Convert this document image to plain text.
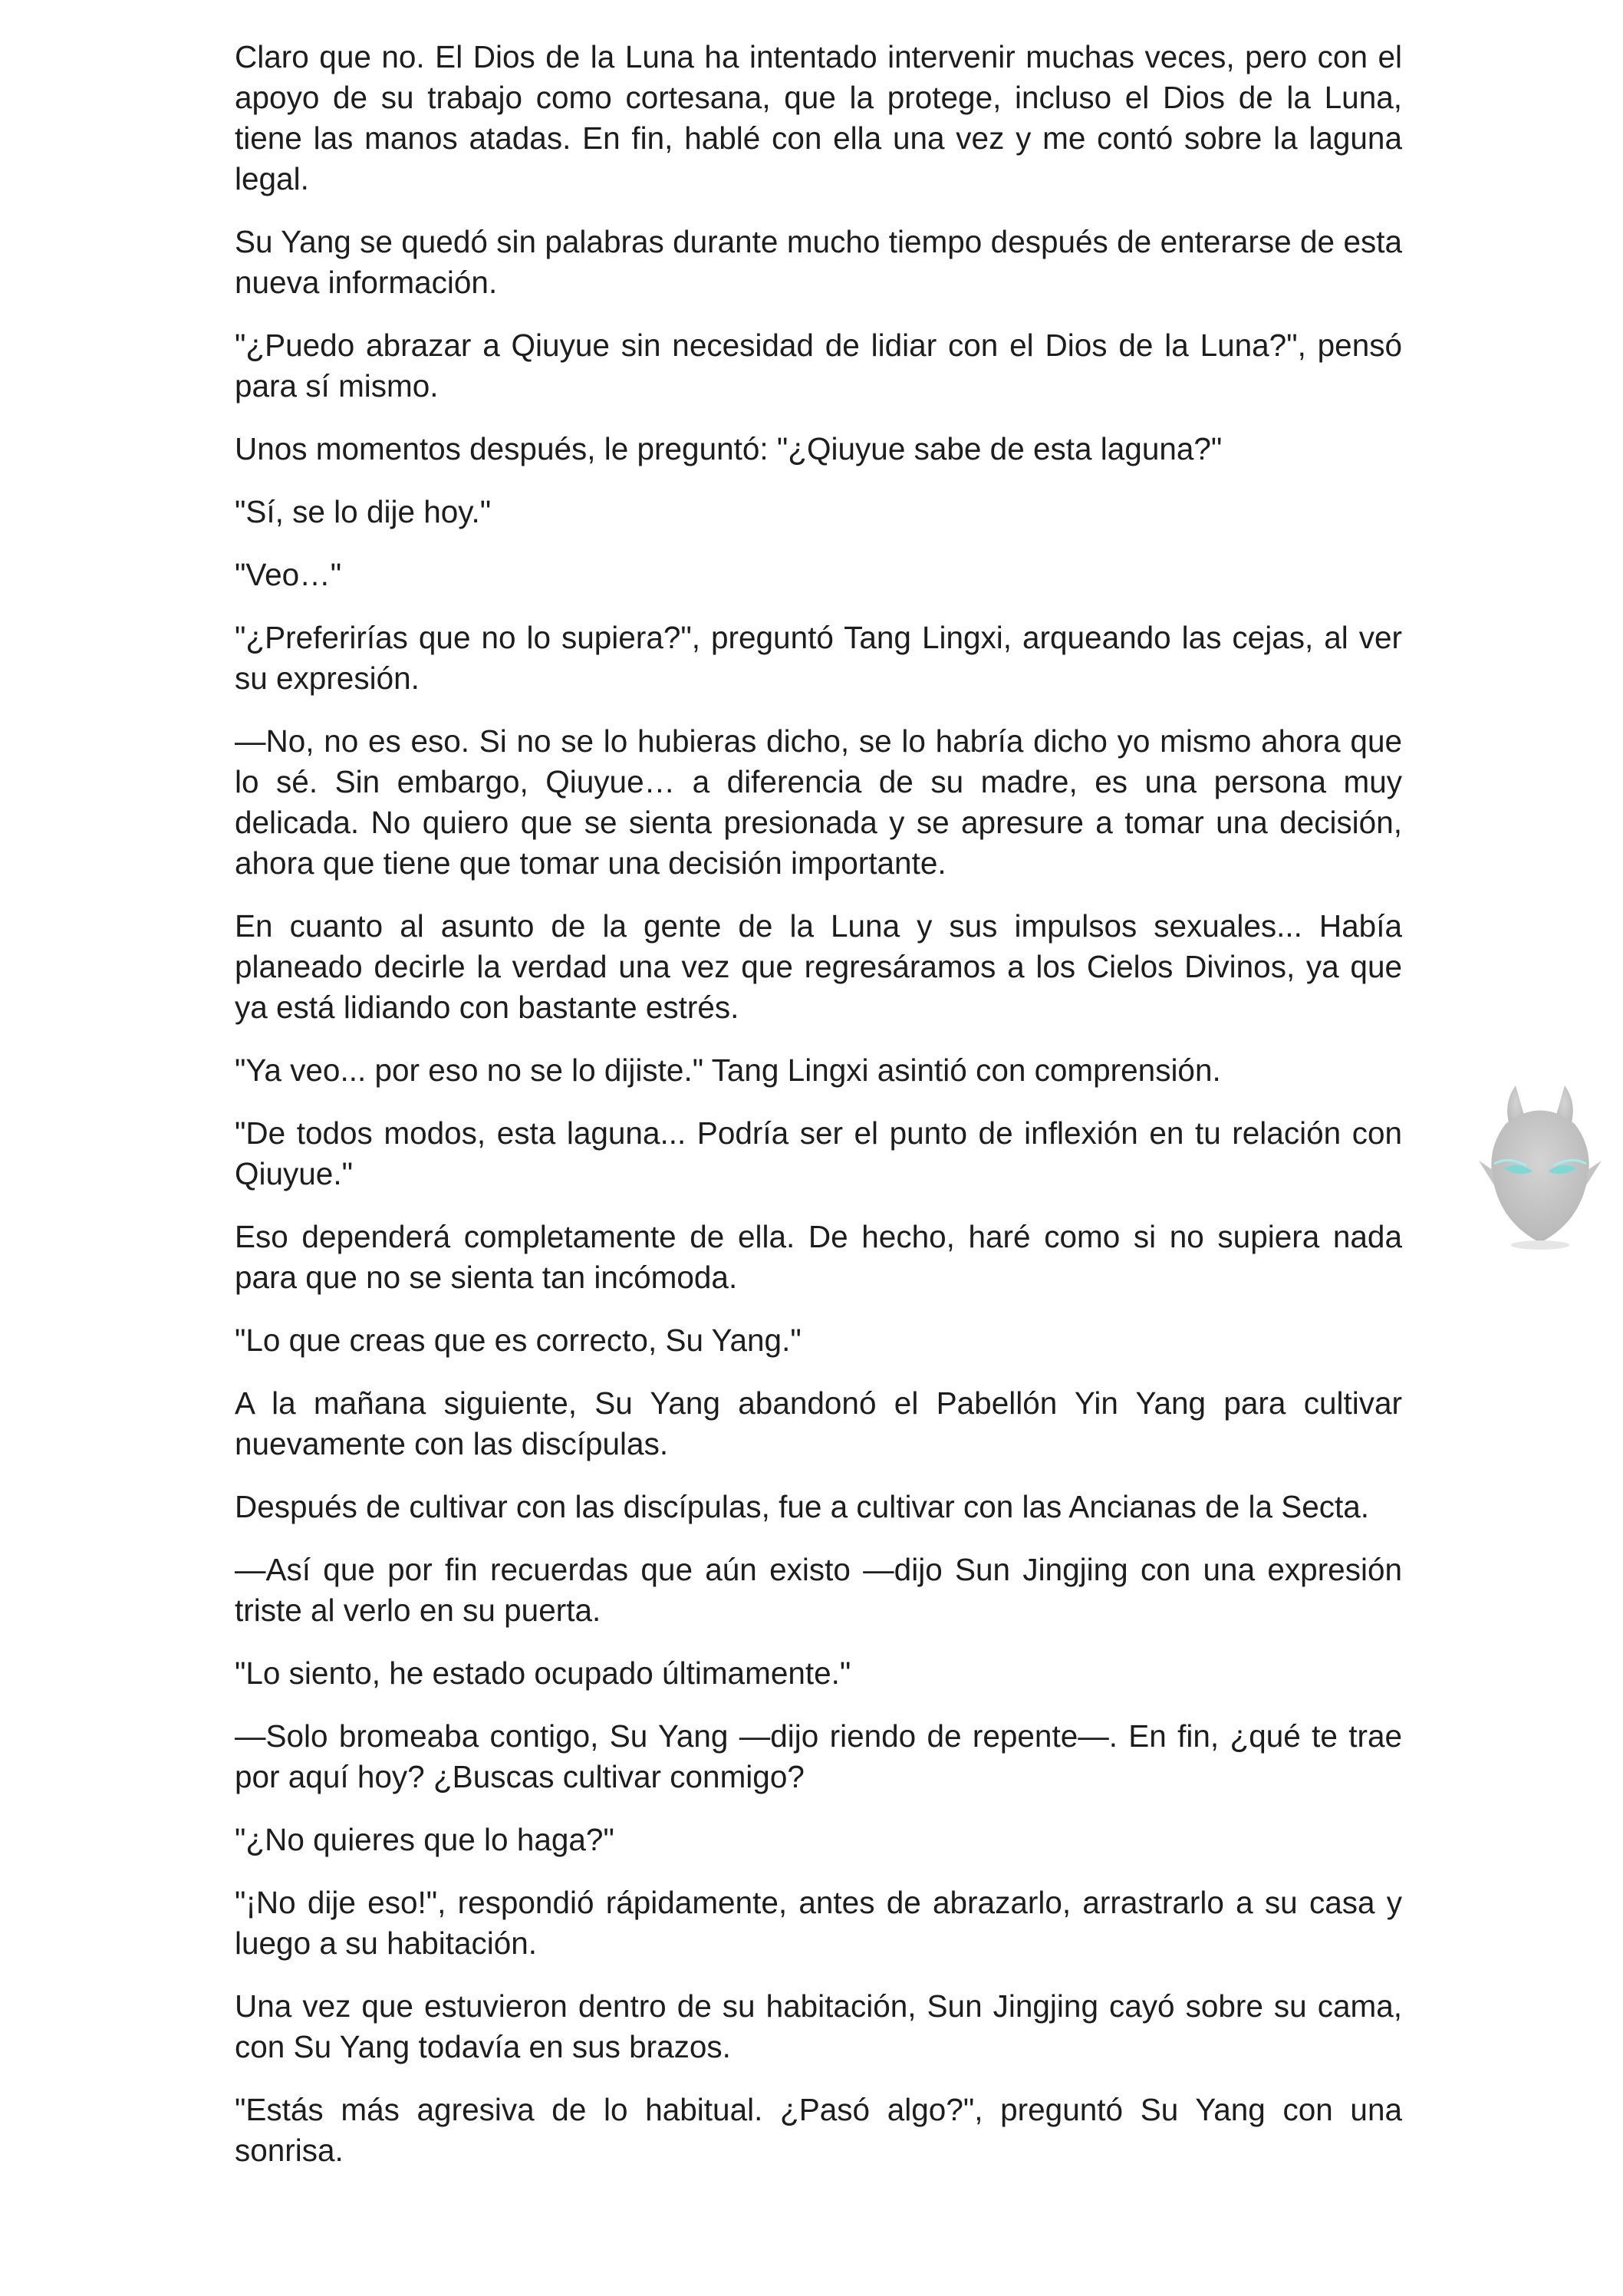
Claro que no. El Dios de la Luna ha intentado intervenir muchas veces, pero con el apoyo de su trabajo como cortesana, que la protege, incluso el Dios de la Luna, tiene las manos atadas. En fin, hablé con ella una vez y me contó sobre la laguna legal.

Su Yang se quedó sin palabras durante mucho tiempo después de enterarse de esta nueva información.

"¿Puedo abrazar a Qiuyue sin necesidad de lidiar con el Dios de la Luna?", pensó para sí mismo.

Unos momentos después, le preguntó: "¿Qiuyue sabe de esta laguna?"

"Sí, se lo dije hoy."

"Veo…"

"¿Preferirías que no lo supiera?", preguntó Tang Lingxi, arqueando las cejas, al ver su expresión.

—No, no es eso. Si no se lo hubieras dicho, se lo habría dicho yo mismo ahora que lo sé. Sin embargo, Qiuyue… a diferencia de su madre, es una persona muy delicada. No quiero que se sienta presionada y se apresure a tomar una decisión, ahora que tiene que tomar una decisión importante.

En cuanto al asunto de la gente de la Luna y sus impulsos sexuales... Había planeado decirle la verdad una vez que regresáramos a los Cielos Divinos, ya que ya está lidiando con bastante estrés.

"Ya veo... por eso no se lo dijiste." Tang Lingxi asintió con comprensión.

"De todos modos, esta laguna... Podría ser el punto de inflexión en tu relación con Qiuyue."

Eso dependerá completamente de ella. De hecho, haré como si no supiera nada para que no se sienta tan incómoda.

"Lo que creas que es correcto, Su Yang."

A la mañana siguiente, Su Yang abandonó el Pabellón Yin Yang para cultivar nuevamente con las discípulas.

Después de cultivar con las discípulas, fue a cultivar con las Ancianas de la Secta.

—Así que por fin recuerdas que aún existo —dijo Sun Jingjing con una expresión triste al verlo en su puerta.

"Lo siento, he estado ocupado últimamente."

—Solo bromeaba contigo, Su Yang —dijo riendo de repente—. En fin, ¿qué te trae por aquí hoy? ¿Buscas cultivar conmigo?

"¿No quieres que lo haga?"

"¡No dije eso!", respondió rápidamente, antes de abrazarlo, arrastrarlo a su casa y luego a su habitación.

Una vez que estuvieron dentro de su habitación, Sun Jingjing cayó sobre su cama, con Su Yang todavía en sus brazos.

"Estás más agresiva de lo habitual. ¿Pasó algo?", preguntó Su Yang con una sonrisa.
